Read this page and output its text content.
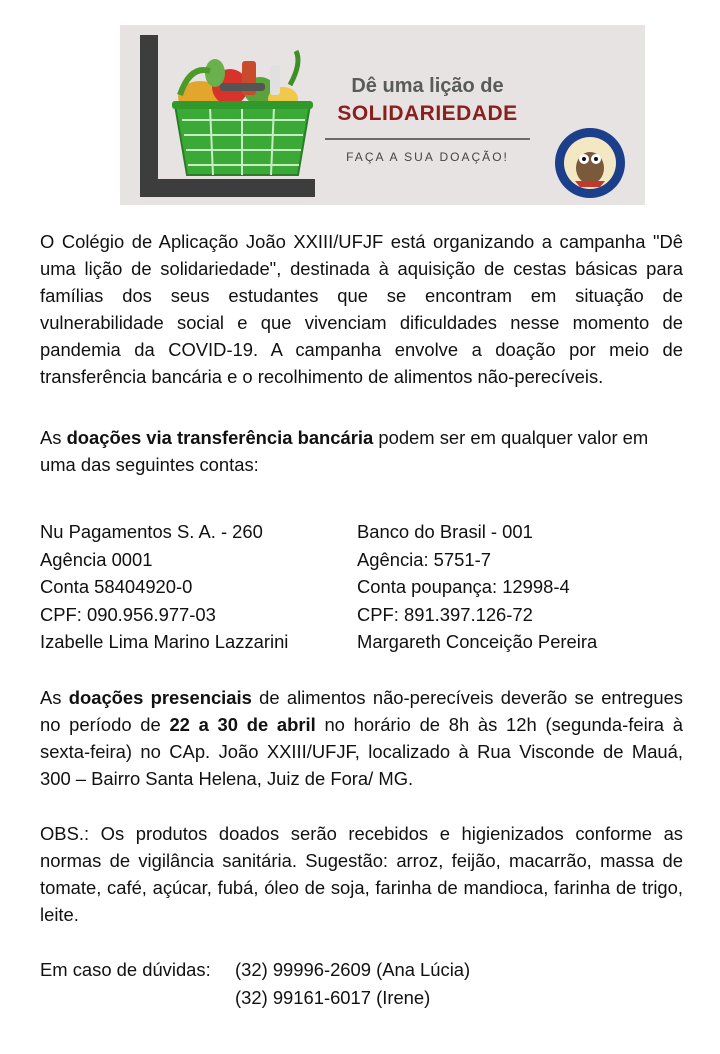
Dê uma lição de
SOLIDARIEDADE
FAÇA A SUA DOAÇÃO!
O Colégio de Aplicação João XXIII/UFJF está organizando a campanha "Dê uma lição de solidariedade", destinada à aquisição de cestas básicas para famílias dos seus estudantes que se encontram em situação de vulnerabilidade social e que vivenciam dificuldades nesse momento de pandemia da COVID-19. A campanha envolve a doação por meio de transferência bancária e o recolhimento de alimentos não-perecíveis.
As doações via transferência bancária podem ser em qualquer valor em uma das seguintes contas:
Nu Pagamentos S. A. - 260
Agência 0001
Conta 58404920-0
CPF: 090.956.977-03
Izabelle Lima Marino Lazzarini
Banco do Brasil - 001
Agência: 5751-7
Conta poupança: 12998-4
CPF: 891.397.126-72
Margareth Conceição Pereira
As doações presenciais de alimentos não-perecíveis deverão se entregues no período de 22 a 30 de abril no horário de 8h às 12h (segunda-feira à sexta-feira) no CAp. João XXIII/UFJF, localizado à Rua Visconde de Mauá, 300 – Bairro Santa Helena, Juiz de Fora/ MG.
OBS.: Os produtos doados serão recebidos e higienizados conforme as normas de vigilância sanitária. Sugestão: arroz, feijão, macarrão, massa de tomate, café, açúcar, fubá, óleo de soja, farinha de mandioca, farinha de trigo, leite.
Em caso de dúvidas: (32) 99996-2609 (Ana Lúcia)
(32) 99161-6017 (Irene)
